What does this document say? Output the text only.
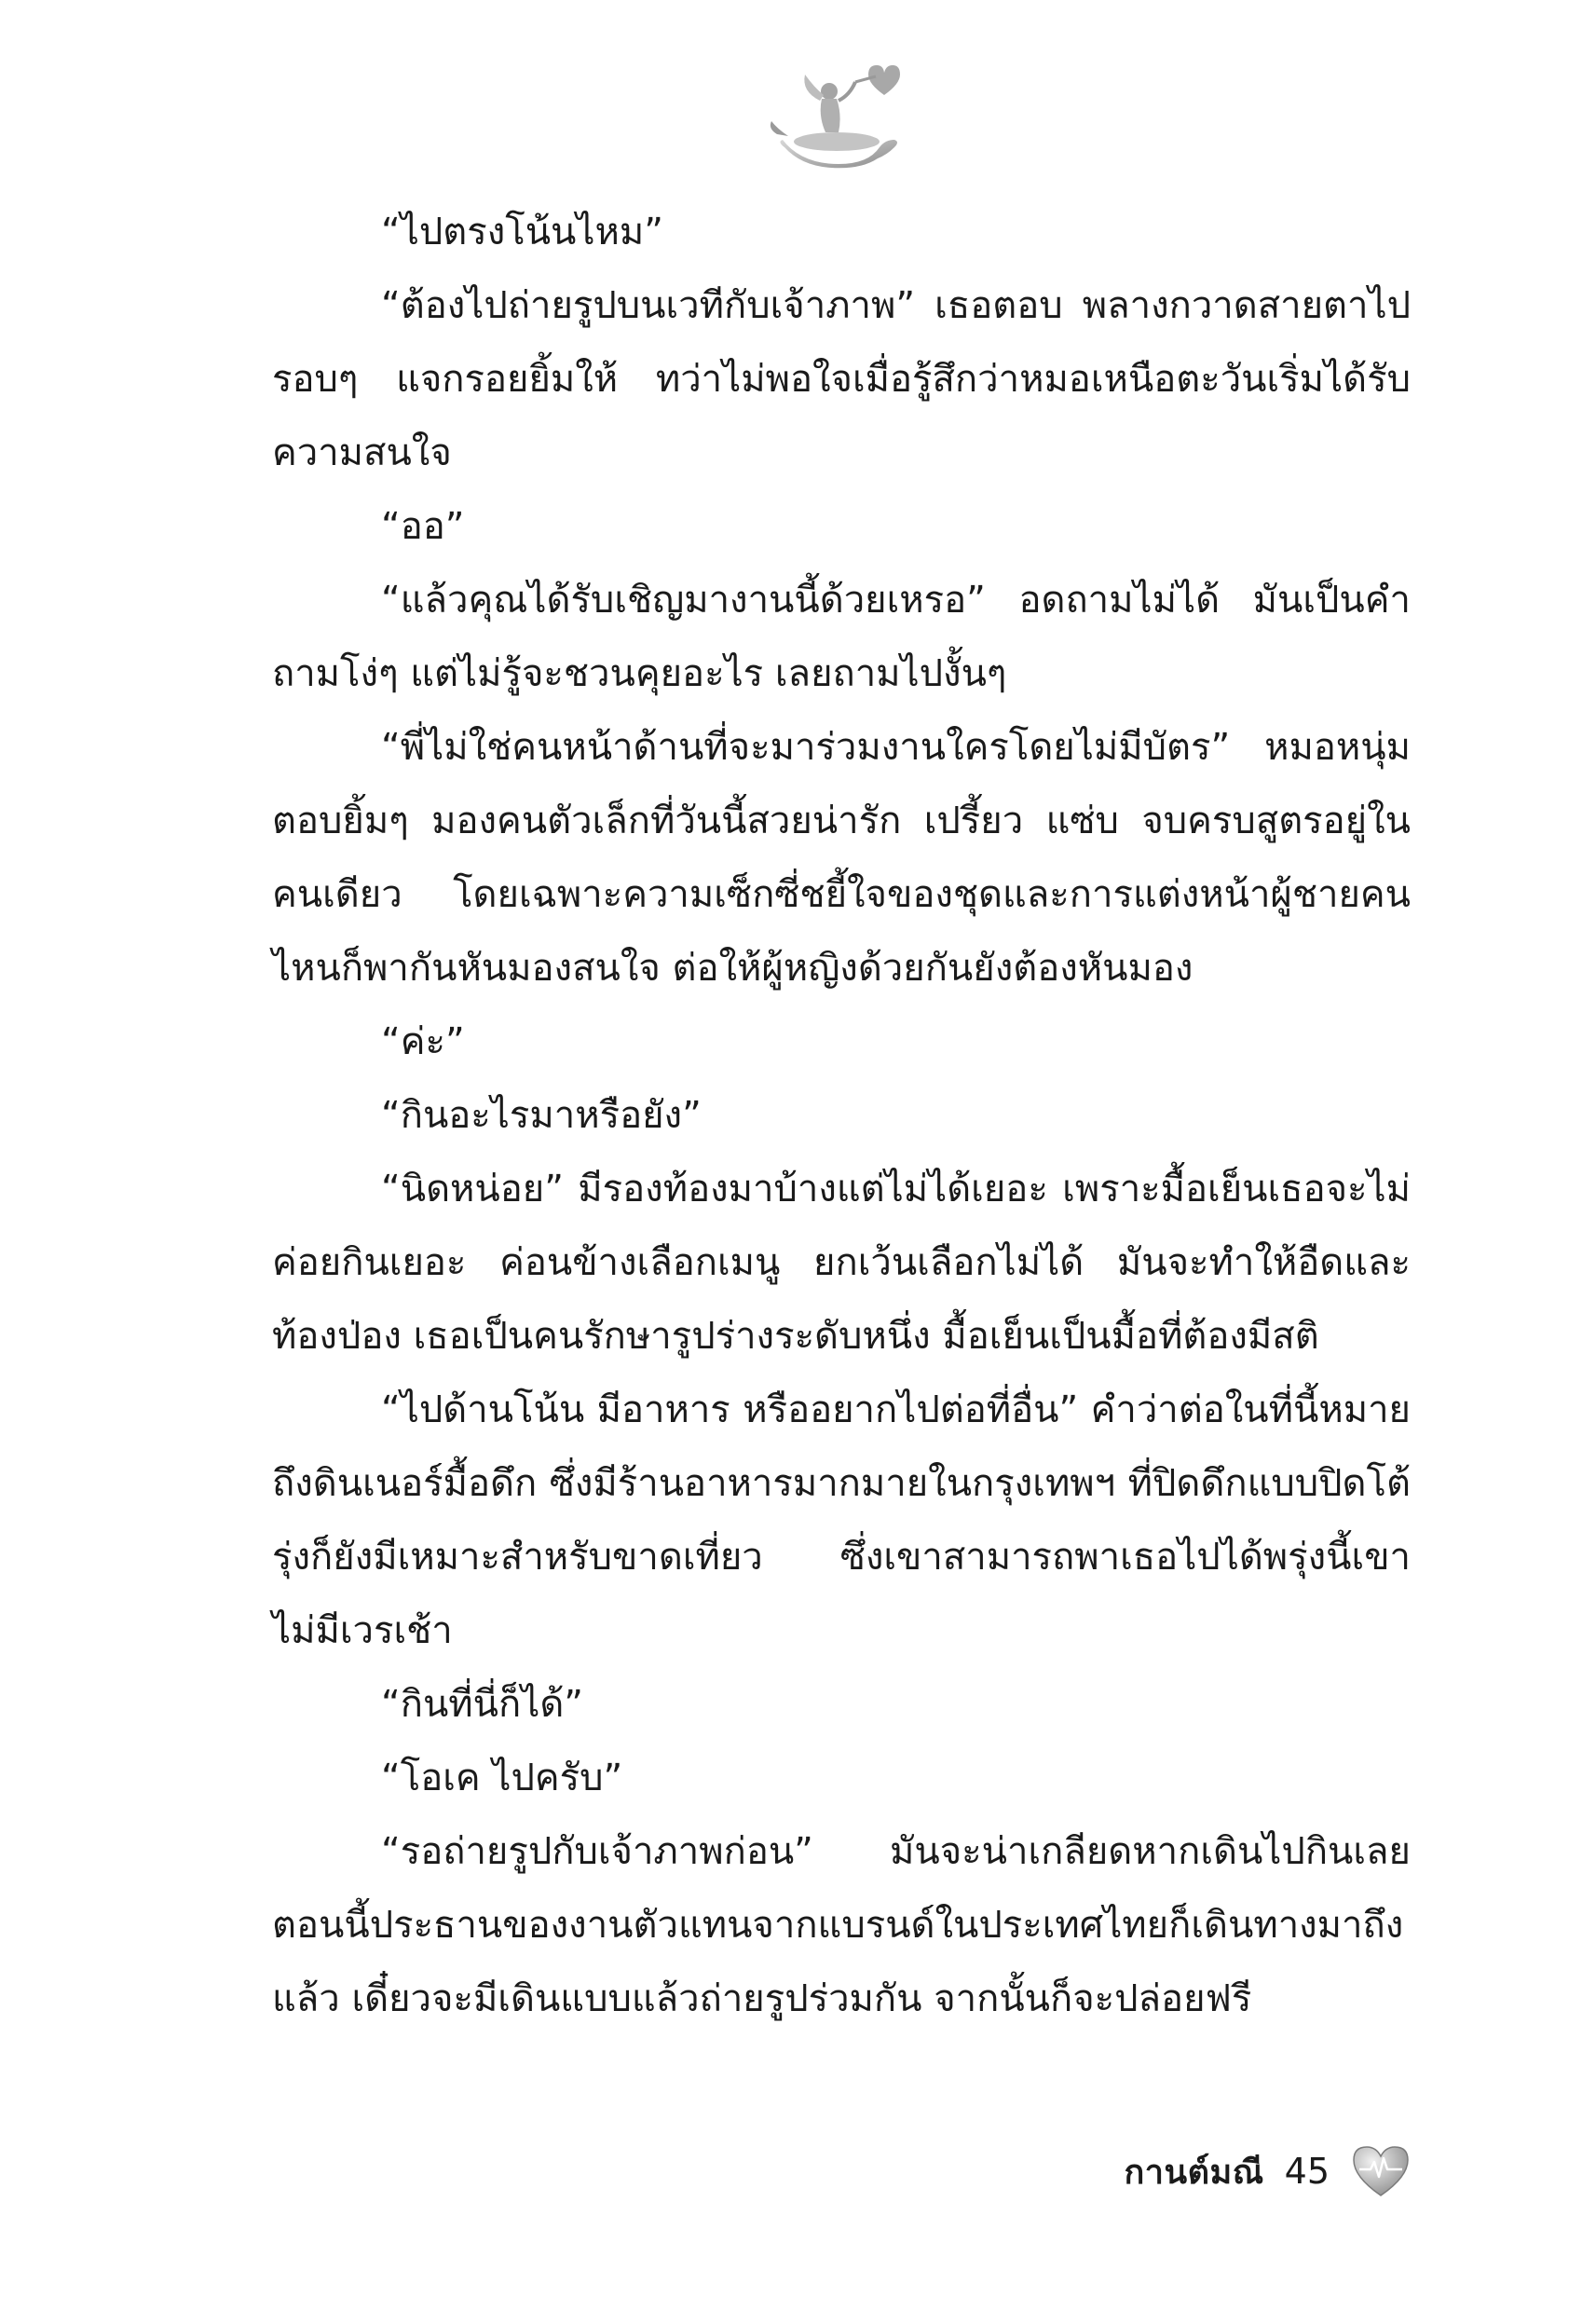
“ไปตรงโน้นไหม”

“ต้องไปถ่ายรูปบนเวทีกับเจ้าภาพ” เธอตอบ พลางกวาดสายตาไปรอบๆ แจกรอยยิ้มให้ ทว่าไม่พอใจเมื่อรู้สึกว่าหมอเหนือตะวันเริ่มได้รับความสนใจ

“ออ”

“แล้วคุณได้รับเชิญมางานนี้ด้วยเหรอ” อดถามไม่ได้ มันเป็นคำถามโง่ๆ แต่ไม่รู้จะชวนคุยอะไร เลยถามไปงั้นๆ

“พี่ไม่ใช่คนหน้าด้านที่จะมาร่วมงานใครโดยไม่มีบัตร” หมอหนุ่มตอบยิ้มๆ มองคนตัวเล็กที่วันนี้สวยน่ารัก เปรี้ยว แซ่บ จบครบสูตรอยู่ในคนเดียว โดยเฉพาะความเซ็กซี่ชยี้ใจของชุดและการแต่งหน้าผู้ชายคนไหนก็พากันหันมองสนใจ ต่อให้ผู้หญิงด้วยกันยังต้องหันมอง

“ค่ะ”

“กินอะไรมาหรือยัง”

“นิดหน่อย” มีรองท้องมาบ้างแต่ไม่ได้เยอะ เพราะมื้อเย็นเธอจะไม่ค่อยกินเยอะ ค่อนข้างเลือกเมนู ยกเว้นเลือกไม่ได้ มันจะทำให้อืดและท้องป่อง เธอเป็นคนรักษารูปร่างระดับหนึ่ง มื้อเย็นเป็นมื้อที่ต้องมีสติ

“ไปด้านโน้น มีอาหาร หรืออยากไปต่อที่อื่น” คำว่าต่อในที่นี้หมายถึงดินเนอร์มื้อดึก ซึ่งมีร้านอาหารมากมายในกรุงเทพฯ ที่ปิดดึกแบบปิดโต้รุ่งก็ยังมีเหมาะสำหรับขาดเที่ยว ซึ่งเขาสามารถพาเธอไปได้พรุ่งนี้เขาไม่มีเวรเช้า

“กินที่นี่ก็ได้”

“โอเค ไปครับ”

“รอถ่ายรูปกับเจ้าภาพก่อน” มันจะน่าเกลียดหากเดินไปกินเลยตอนนี้ประธานของงานตัวแทนจากแบรนด์ในประเทศไทยก็เดินทางมาถึงแล้ว เดี๋ยวจะมีเดินแบบแล้วถ่ายรูปร่วมกัน จากนั้นก็จะปล่อยฟรี

กานต์มณี 45
